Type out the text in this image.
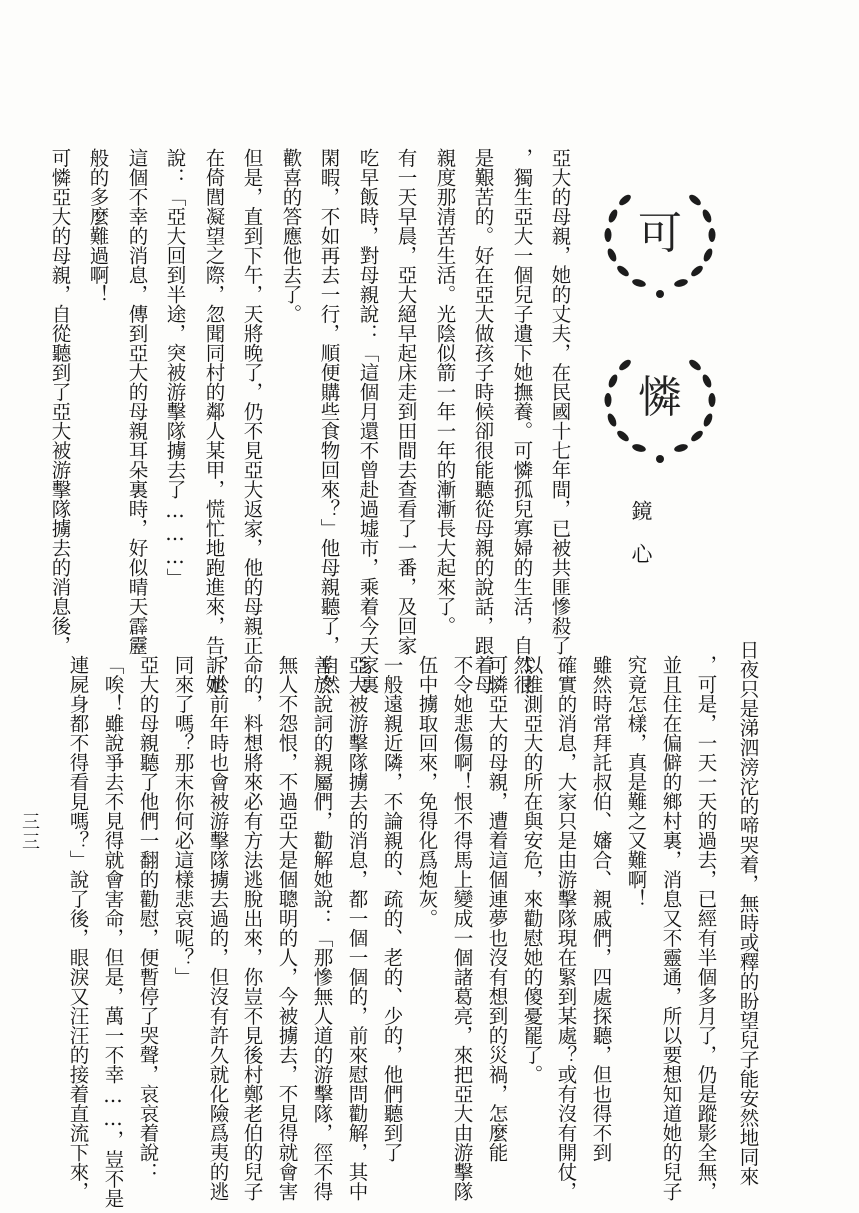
可
憐
鏡心
日夜只是涕泗滂沱的啼哭着，無時或釋的盼望兒子能安然地同來
亞大的母親，她的丈夫，在民國十七年間，已被共匪慘殺了
，獨生亞大一個兒子遺下她撫養。可憐孤兒寡婦的生活，自然很
是艱苦的。好在亞大做孩子時候卻很能聽從母親的說話，跟着母
親度那清苦生活。光陰似箭一年一年的漸漸長大起來了。
有一天早晨，亞大絕早起床走到田間去查看了一番，及回家
吃早飯時，對母親說：「這個月還不曾赴過墟市，乘着今天家裏
閑暇，不如再去一行，順便購些食物回來？」他母親聽了，自然
歡喜的答應他去了。
但是，直到下午，天將晚了，仍不見亞大返家，他的母親正
在倚閭凝望之際，忽聞同村的鄰人某甲，慌忙地跑進來，告訴她
說：「亞大回到半途，突被游擊隊擄去了………」
這個不幸的消息，傳到亞大的母親耳朵裏時，好似晴天霹靂
般的多麼難過啊！
可憐亞大的母親，自從聽到了亞大被游擊隊擄去的消息後，
，可是，一天一天的過去，已經有半個多月了，仍是蹤影全無，
並且住在偏僻的鄉村裏，消息又不靈通，所以要想知道她的兒子
究竟怎樣，真是難之又難啊！
雖然時常拜託叔伯、嬸合、親戚們，四處探聽，但也得不到
確實的消息，大家只是由游擊隊現在緊到某處？或有沒有開仗，
以推測亞大的所在與安危，來勸慰她的傻憂罷了。
可憐亞大的母親，遭着這個連夢也沒有想到的災禍，怎麼能
不令她悲傷啊！恨不得馬上變成一個諸葛亮，來把亞大由游擊隊
伍中擄取回來，免得化爲炮灰。
一般遠親近隣，不論親的、疏的、老的、少的，他們聽到了
亞大被游擊隊擄去的消息，都一個一個的，前來慰問勸解，其中
善於說詞的親屬們，勸解她說：「那慘無人道的游擊隊，徑不得
無人不怨恨，不過亞大是個聰明的人，今被擄去，不見得就會害
命的，料想將來必有方法逃脫出來，你豈不見後村鄭老伯的兒子
，於前年時也會被游擊隊擄去過的，但沒有許久就化險爲夷的逃
同來了嗎？那末你何必這樣悲哀呢？」
亞大的母親聽了他們一翻的勸慰，便暫停了哭聲，哀哀着說：
「唉！雖說爭去不見得就會害命，但是，萬一不幸……，豈不是
連屍身都不得看見嗎？」說了後，眼淚又汪汪的接着直流下來，
三三
